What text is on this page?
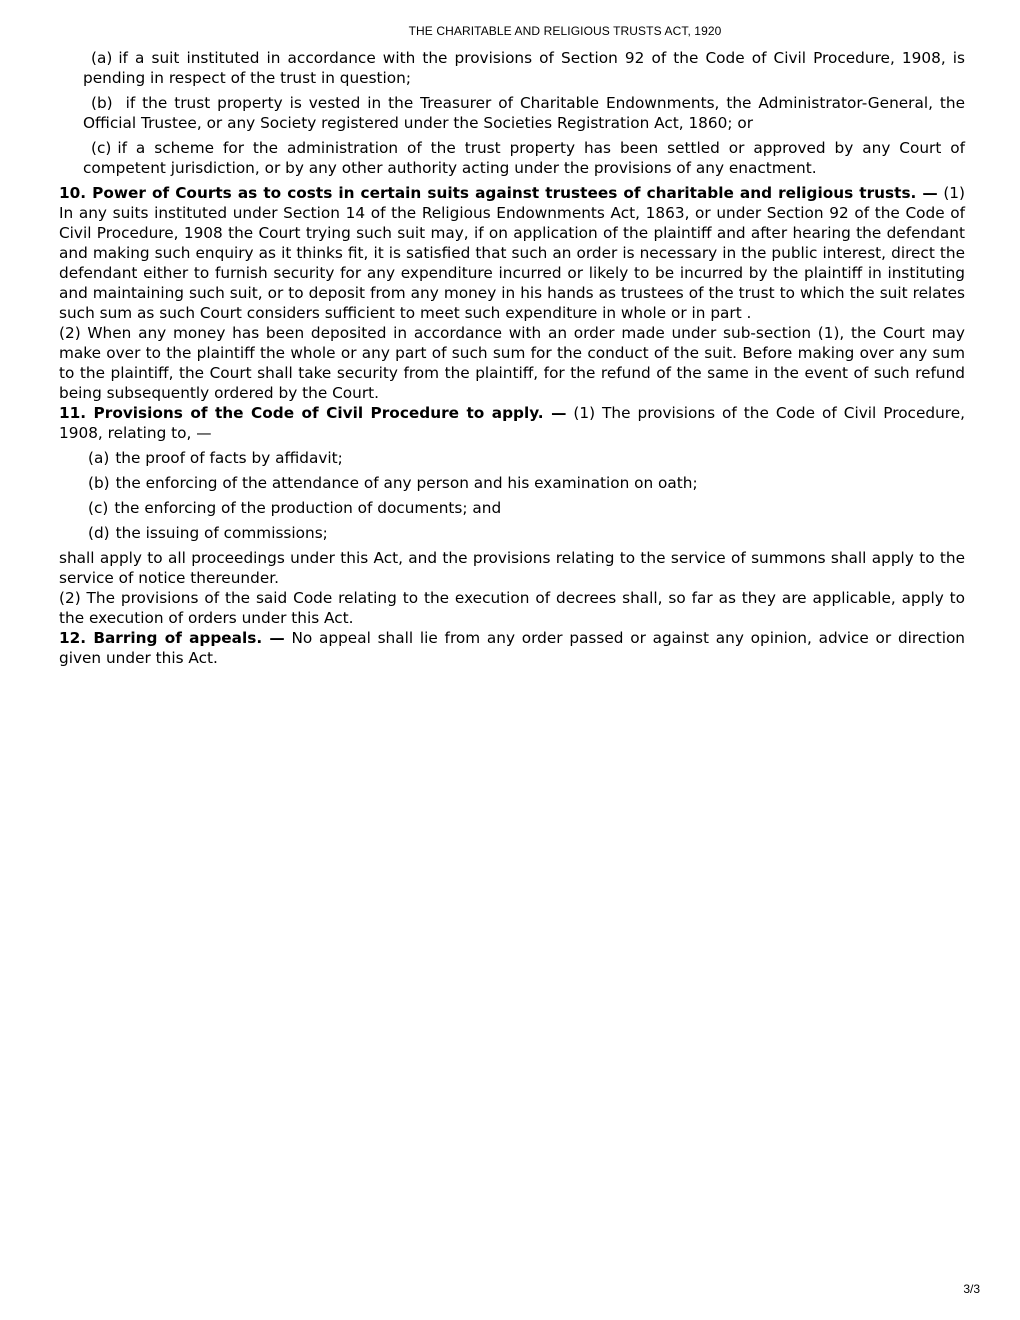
THE CHARITABLE AND RELIGIOUS TRUSTS ACT, 1920

(a) if a suit instituted in accordance with the provisions of Section 92 of the Code of Civil Procedure, 1908, is pending in respect of the trust in question;

(b) if the trust property is vested in the Treasurer of Charitable Endownments, the Administrator-General, the Official Trustee, or any Society registered under the Societies Registration Act, 1860; or

(c) if a scheme for the administration of the trust property has been settled or approved by any Court of competent jurisdiction, or by any other authority acting under the provisions of any enactment.

10. Power of Courts as to costs in certain suits against trustees of charitable and religious trusts. — (1) In any suits instituted under Section 14 of the Religious Endownments Act, 1863, or under Section 92 of the Code of Civil Procedure, 1908 the Court trying such suit may, if on application of the plaintiff and after hearing the defendant and making such enquiry as it thinks fit, it is satisfied that such an order is necessary in the public interest, direct the defendant either to furnish security for any expenditure incurred or likely to be incurred by the plaintiff in instituting and maintaining such suit, or to deposit from any money in his hands as trustees of the trust to which the suit relates such sum as such Court considers sufficient to meet such expenditure in whole or in part .

(2) When any money has been deposited in accordance with an order made under sub-section (1), the Court may make over to the plaintiff the whole or any part of such sum for the conduct of the suit. Before making over any sum to the plaintiff, the Court shall take security from the plaintiff, for the refund of the same in the event of such refund being subsequently ordered by the Court.

11. Provisions of the Code of Civil Procedure to apply. — (1) The provisions of the Code of Civil Procedure, 1908, relating to, —

(a) the proof of facts by affidavit;

(b) the enforcing of the attendance of any person and his examination on oath;

(c) the enforcing of the production of documents; and

(d) the issuing of commissions;

shall apply to all proceedings under this Act, and the provisions relating to the service of summons shall apply to the service of notice thereunder.

(2) The provisions of the said Code relating to the execution of decrees shall, so far as they are applicable, apply to the execution of orders under this Act.

12. Barring of appeals. — No appeal shall lie from any order passed or against any opinion, advice or direction given under this Act.

3/3
